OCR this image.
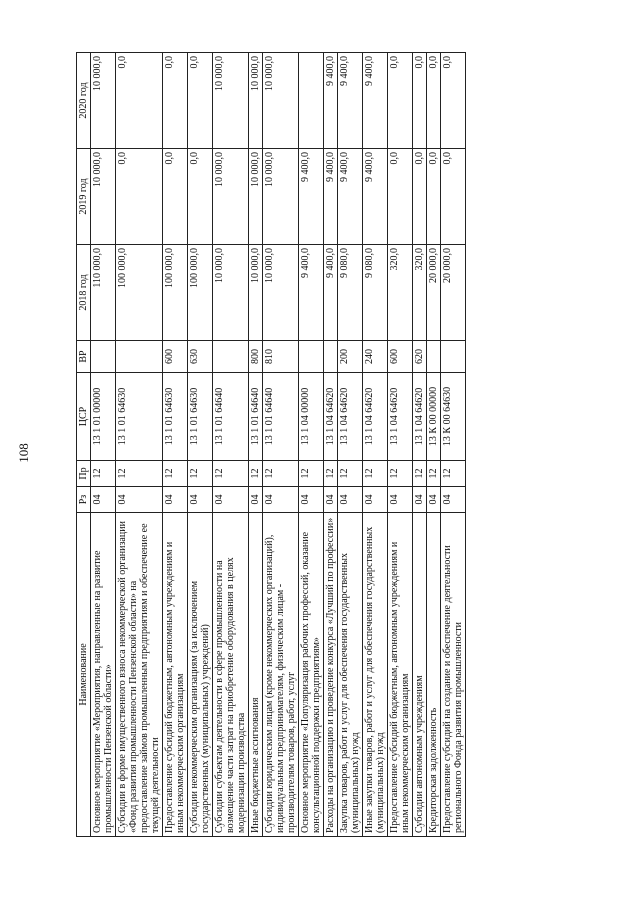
108
Наименование	Рз	Пр	ЦСР	ВР	2018 год	2019 год	2020 год
Основное мероприятие «Мероприятия, направленные на развитие промышленности Пензенской области»	04	12	13 1 01 00000		110 000,0	10 000,0	10 000,0
Субсидии в форме имущественного взноса некоммерческой организации «Фонд развития промышленности Пензенской области» на предоставление займов промышленным предприятиям и обеспечение ее текущей деятельности	04	12	13 1 01 64630		100 000,0	0,0	0,0
Предоставление субсидий бюджетным, автономным учреждениям и иным некоммерческим организациям	04	12	13 1 01 64630	600	100 000,0	0,0	0,0
Субсидии некоммерческим организациям (за исключением государственных (муниципальных) учреждений)	04	12	13 1 01 64630	630	100 000,0	0,0	0,0
Субсидии субъектам деятельности в сфере промышленности на возмещение части затрат на приобретение оборудования в целях модернизации производства	04	12	13 1 01 64640		10 000,0	10 000,0	10 000,0
Иные бюджетные ассигнования	04	12	13 1 01 64640	800	10 000,0	10 000,0	10 000,0
Субсидии юридическим лицам (кроме некоммерческих организаций), индивидуальным предпринимателям, физическим лицам - производителям товаров, работ, услуг	04	12	13 1 01 64640	810	10 000,0	10 000,0	10 000,0
Основное мероприятие «Популяризация рабочих профессий, оказание консультационной поддержки предприятиям»	04	12	13 1 04 00000		9 400,0	9 400,0	
Расходы на организацию и проведение конкурса «Лучший по профессии»	04	12	13 1 04 64620		9 400,0	9 400,0	9 400,0
Закупка товаров, работ и услуг для обеспечения государственных (муниципальных) нужд	04	12	13 1 04 64620	200	9 080,0	9 400,0	9 400,0
Иные закупки товаров, работ и услуг для обеспечения государственных (муниципальных) нужд	04	12	13 1 04 64620	240	9 080,0	9 400,0	9 400,0
Предоставление субсидий бюджетным, автономным учреждениям и иным некоммерческим организациям	04	12	13 1 04 64620	600	320,0	0,0	0,0
Субсидии автономным учреждениям	04	12	13 1 04 64620	620	320,0	0,0	0,0
Кредиторская задолженность	04	12	13 К 00 00000		20 000,0	0,0	0,0
Предоставление субсидий на создание и обеспечение деятельности регионального Фонда развития промышленности	04	12	13 К 00 64630		20 000,0	0,0	0,0
